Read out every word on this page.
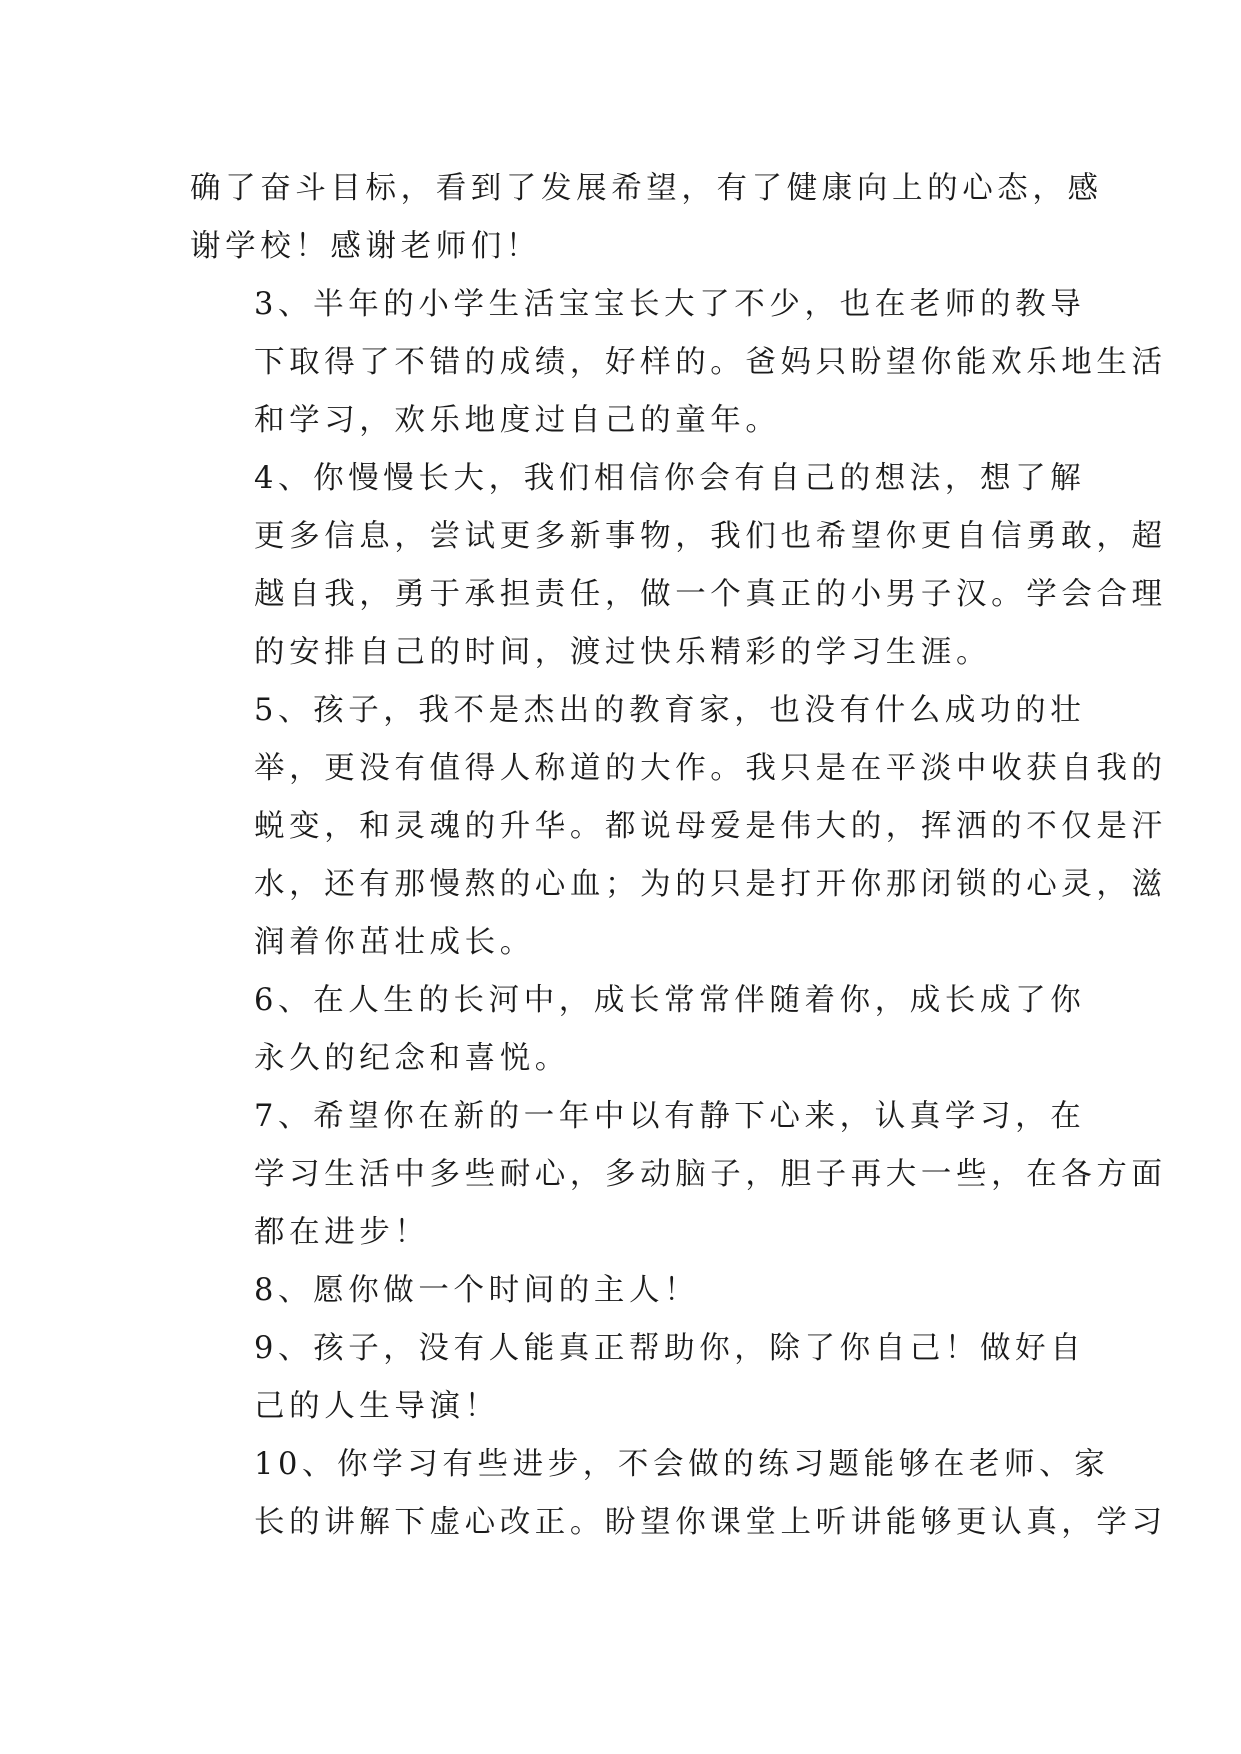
确了奋斗目标，看到了发展希望，有了健康向上的心态，感
谢学校！感谢老师们！
3、半年的小学生活宝宝长大了不少，也在老师的教导
下取得了不错的成绩，好样的。爸妈只盼望你能欢乐地生活
和学习，欢乐地度过自己的童年。
4、你慢慢长大，我们相信你会有自己的想法，想了解
更多信息，尝试更多新事物，我们也希望你更自信勇敢，超
越自我，勇于承担责任，做一个真正的小男子汉。学会合理
的安排自己的时间，渡过快乐精彩的学习生涯。
5、孩子，我不是杰出的教育家，也没有什么成功的壮
举，更没有值得人称道的大作。我只是在平淡中收获自我的
蜕变，和灵魂的升华。都说母爱是伟大的，挥洒的不仅是汗
水，还有那慢熬的心血；为的只是打开你那闭锁的心灵，滋
润着你茁壮成长。
6、在人生的长河中，成长常常伴随着你，成长成了你
永久的纪念和喜悦。
7、希望你在新的一年中以有静下心来，认真学习，在
学习生活中多些耐心，多动脑子，胆子再大一些，在各方面
都在进步！
8、愿你做一个时间的主人！
9、孩子，没有人能真正帮助你，除了你自己！做好自
己的人生导演！
10、你学习有些进步，不会做的练习题能够在老师、家
长的讲解下虚心改正。盼望你课堂上听讲能够更认真，学习
